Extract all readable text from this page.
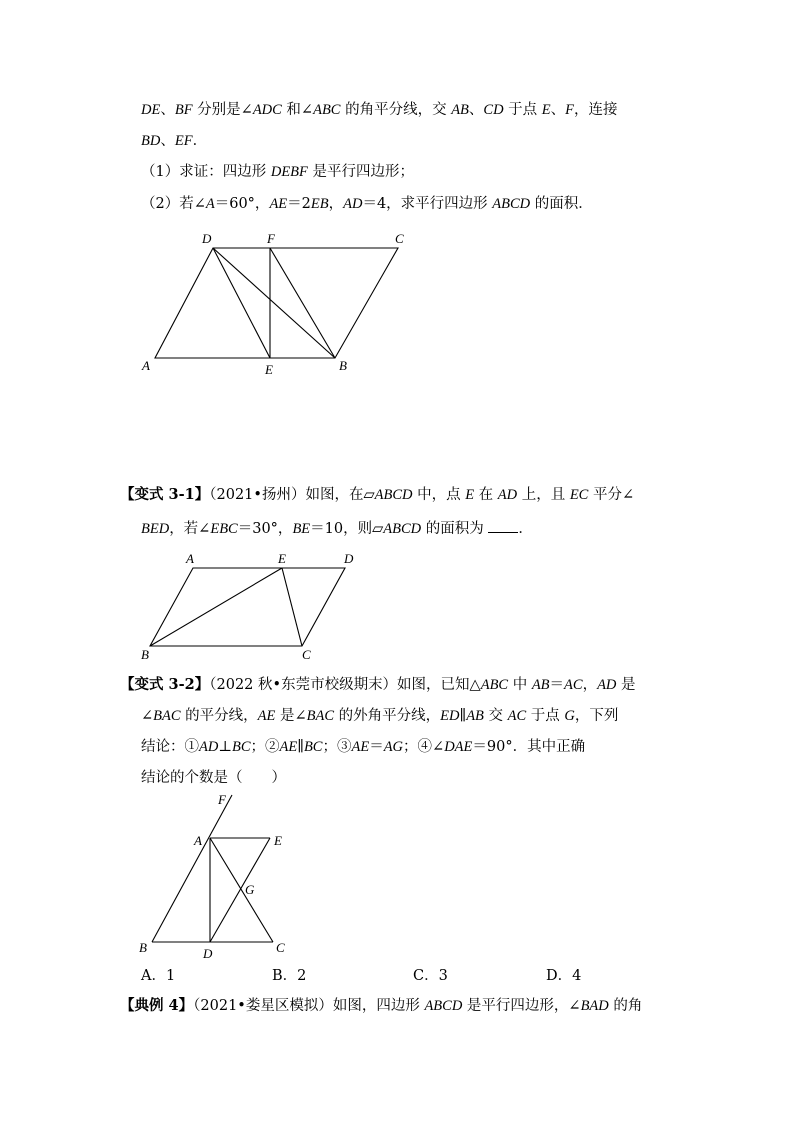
DE、BF 分别是∠ADC 和∠ABC 的角平分线，交 AB、CD 于点 E、F，连接
BD、EF．
（1）求证：四边形 DEBF 是平行四边形；
（2）若∠A＝60°，AE＝2EB，AD＝4，求平行四边形 ABCD 的面积．
D	F	C
A	E	B
【变式 3-1】（2021•扬州）如图，在▱ABCD 中，点 E 在 AD 上，且 EC 平分∠
BED，若∠EBC＝30°，BE＝10，则▱ABCD 的面积为 ．
A	E	D
B	C
【变式 3-2】（2022 秋•东莞市校级期末）如图，已知△ABC 中 AB＝AC，AD 是
∠BAC 的平分线，AE 是∠BAC 的外角平分线，ED∥AB 交 AC 于点 G，下列
结论：①AD⊥BC；②AE∥BC；③AE＝AG；④∠DAE＝90°．其中正确
结论的个数是（　　）
F
A	E
G
B	D	C
A．1	B．2	C．3	D．4
【典例 4】（2021•娄星区模拟）如图，四边形 ABCD 是平行四边形，∠BAD 的角
